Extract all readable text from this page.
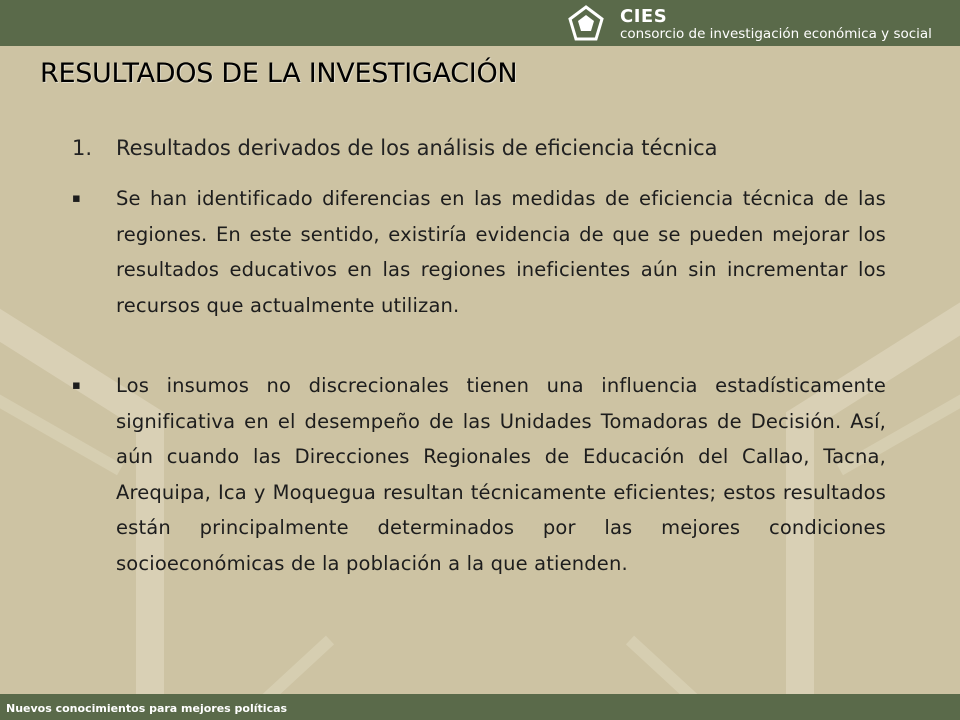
CIES
consorcio de investigación económica y social
RESULTADOS DE LA INVESTIGACIÓN
1. Resultados derivados de los análisis de eficiencia técnica
▪ Se han identificado diferencias en las medidas de eficiencia técnica de las regiones. En este sentido, existiría evidencia de que se pueden mejorar los resultados educativos en las regiones ineficientes aún sin incrementar los recursos que actualmente utilizan.
▪ Los insumos no discrecionales tienen una influencia estadísticamente significativa en el desempeño de las Unidades Tomadoras de Decisión. Así, aún cuando las Direcciones Regionales de Educación del Callao, Tacna, Arequipa, Ica y Moquegua resultan técnicamente eficientes; estos resultados están principalmente determinados por las mejores condiciones socioeconómicas de la población a la que atienden.
Nuevos conocimientos para mejores políticas
